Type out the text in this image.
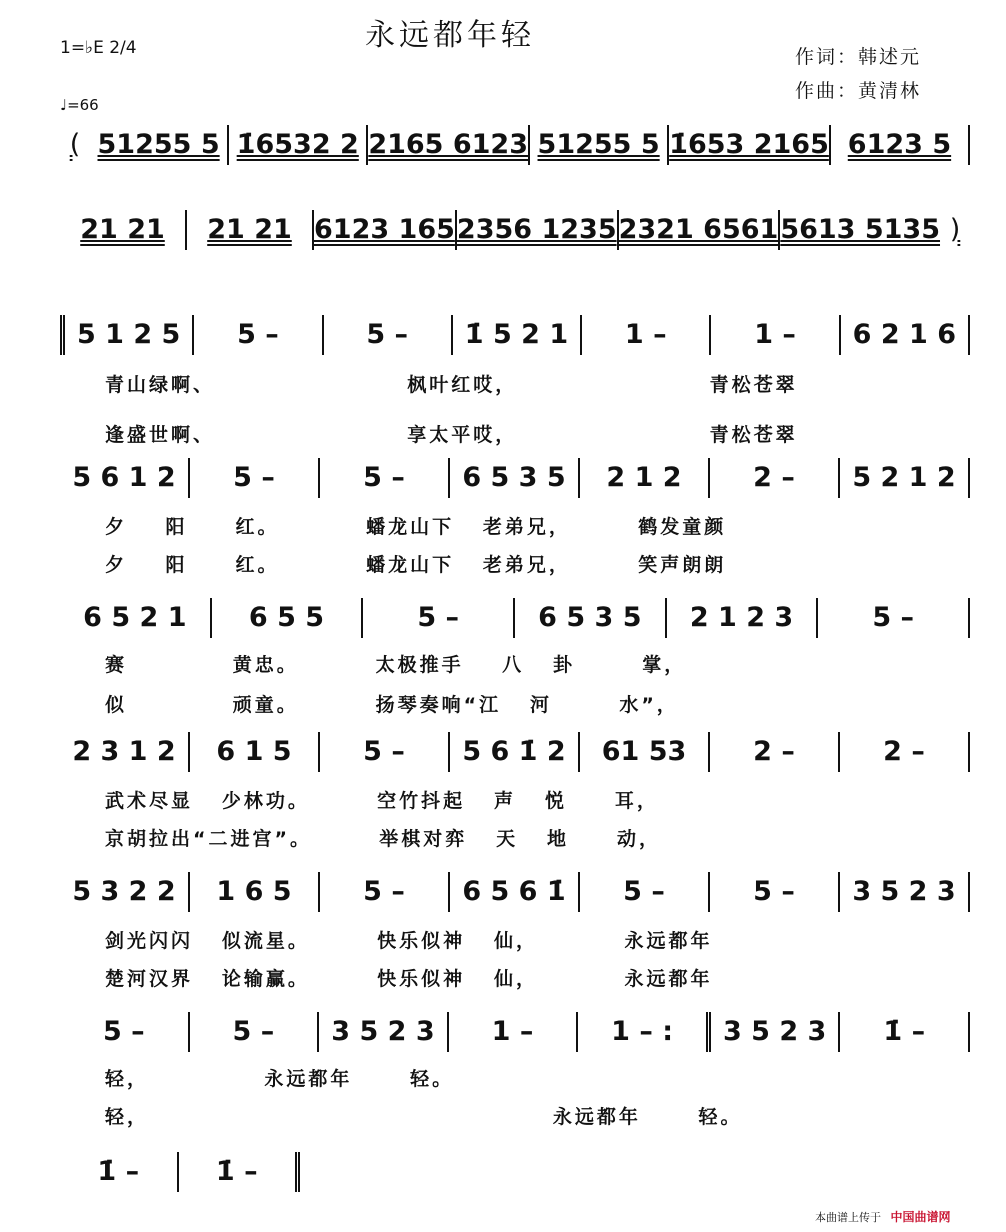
永远都年轻
作词：韩述元
作曲：黄清林
1=♭E 2/4
♩=66
( 51255 5 1̇6532 2 2165 6123 51255 5 1̇653 2165 6123 5
21 21	21 21 6123 165 2356 1235 2321 6561 5613 5135 )
5 1 2 5	5 –	5 –	1̇ 5 2 1	1 –	1 –	6 2 1 6
5 6 1 2	5 –	5 –	6 5 3 5	2 1 2	2 –	5 2 1 2
6 5 2 1	6 5 5	5 –	6 5 3 5	2 1 2 3	5 –
2 3 1 2	6 1 5	5 –	5 6 1̇ 2	61 53	2 –	2 –
5 3 2 2	1 6 5	5 –	6 5 6 1̇	5 –	5 –	3 5 2 3
5 –	5 –	3 5 2 3	1 –	1 – :	3 5 2 3	1̇ –
1̇ –	1̇ –
青山绿啊、                    枫叶红哎，                    青松苍翠
逢盛世啊、                    享太平哎，                    青松苍翠
夕    阳     红。         蟠龙山下   老弟兄，       鹤发童颜
夕    阳     红。         蟠龙山下   老弟兄，       笑声朗朗
赛           黄忠。        太极推手    八   卦       掌，
似           顽童。        扬琴奏响“江   河       水”，
武术尽显   少林功。       空竹抖起   声   悦     耳，
京胡拉出“二进宫”。       举棋对弈   天   地     动，
剑光闪闪   似流星。       快乐似神   仙，         永远都年
楚河汉界   论输赢。       快乐似神   仙，         永远都年
轻，            永远都年      轻。
轻，                                          永远都年      轻。
本曲谱上传于 中国曲谱网
